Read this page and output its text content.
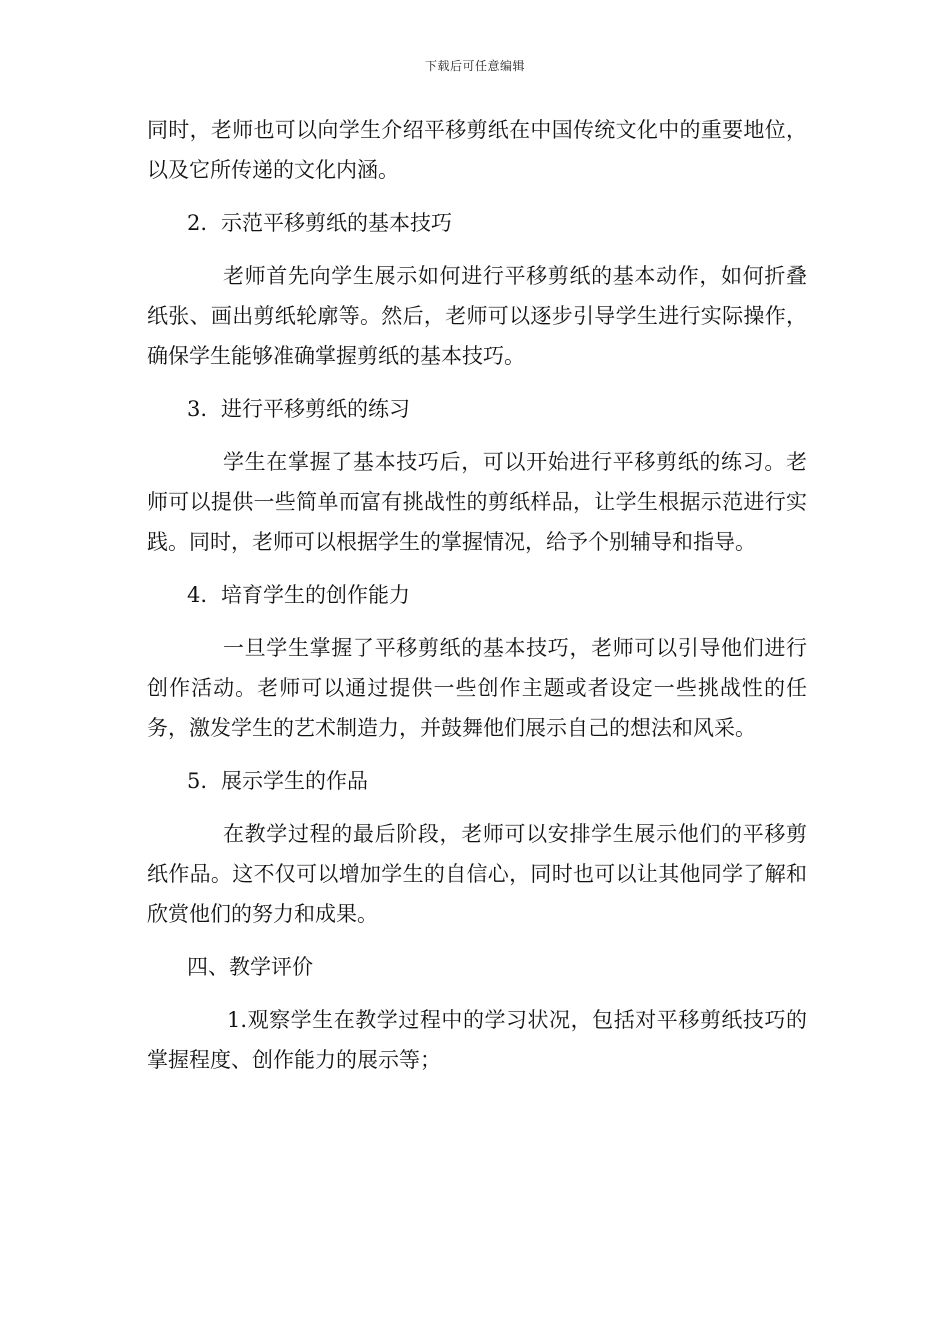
下载后可任意编辑

同时，老师也可以向学生介绍平移剪纸在中国传统文化中的重要地位，以及它所传递的文化内涵。

2. 示范平移剪纸的基本技巧

老师首先向学生展示如何进行平移剪纸的基本动作，如何折叠纸张、画出剪纸轮廓等。然后，老师可以逐步引导学生进行实际操作，确保学生能够准确掌握剪纸的基本技巧。

3. 进行平移剪纸的练习

学生在掌握了基本技巧后，可以开始进行平移剪纸的练习。老师可以提供一些简单而富有挑战性的剪纸样品，让学生根据示范进行实践。同时，老师可以根据学生的掌握情况，给予个别辅导和指导。

4. 培育学生的创作能力

一旦学生掌握了平移剪纸的基本技巧，老师可以引导他们进行创作活动。老师可以通过提供一些创作主题或者设定一些挑战性的任务，激发学生的艺术制造力，并鼓舞他们展示自己的想法和风采。

5. 展示学生的作品

在教学过程的最后阶段，老师可以安排学生展示他们的平移剪纸作品。这不仅可以增加学生的自信心，同时也可以让其他同学了解和欣赏他们的努力和成果。

四、教学评价

1.观察学生在教学过程中的学习状况，包括对平移剪纸技巧的掌握程度、创作能力的展示等；
